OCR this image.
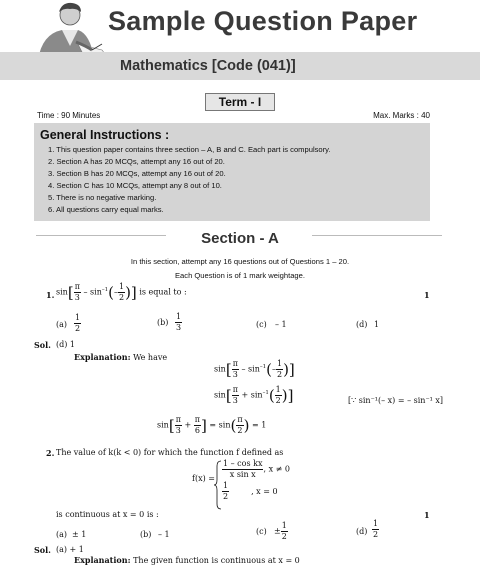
Sample Question Paper
Mathematics [Code (041)]
Term - I
Time : 90 Minutes	Max. Marks : 40
General Instructions :
1. This question paper contains three section – A, B and C. Each part is compulsory.
2. Section A has 20 MCQs, attempt any 16 out of 20.
3. Section B has 20 MCQs, attempt any 16 out of 20.
4. Section C has 10 MCQs, attempt any 8 out of 10.
5. There is no negative marking.
6. All questions carry equal marks.
Section - A
In this section, attempt any 16 questions out of Questions 1 – 20.
Each Question is of 1 mark weightage.
1. $\sin[ \frac{\pi}{3} - \sin^{-1}(- \frac{1}{2}$ )] is equal to :	1
$(a) \frac{1}{2}$	$(b) \frac{1}{3}$	(c) – 1	(d) 1
Sol. (d) 1
Explanation: We have
$\sin[ \frac{\pi}{3} - \sin^{-1}(- \frac{1}{2}$ )]
$\sin[ \frac{\pi}{3} + \sin^{-1}( \frac{1}{2}$ )]	[∵ sin⁻¹(– x) = – sin⁻¹ x]
$\sin[ \frac{\pi}{3} + \frac{\pi}{6}$ ] = $\sin( \frac{\pi}{2}$ ) = 1
2. The value of k(k < 0) for which the function f defined as
$f(x) = \frac{\text{1 – cos kx}}{\text{x sin x}}$ , x ≠ 0
$\frac{1}{2}$	, x = 0
is continuous at x = 0 is :	1
(a) ± 1	(b) – 1	$(c) \pm \frac{1}{2}$	$(d) \frac{1}{2}$
Sol. (a) + 1
Explanation: The given function is continuous at x = 0
